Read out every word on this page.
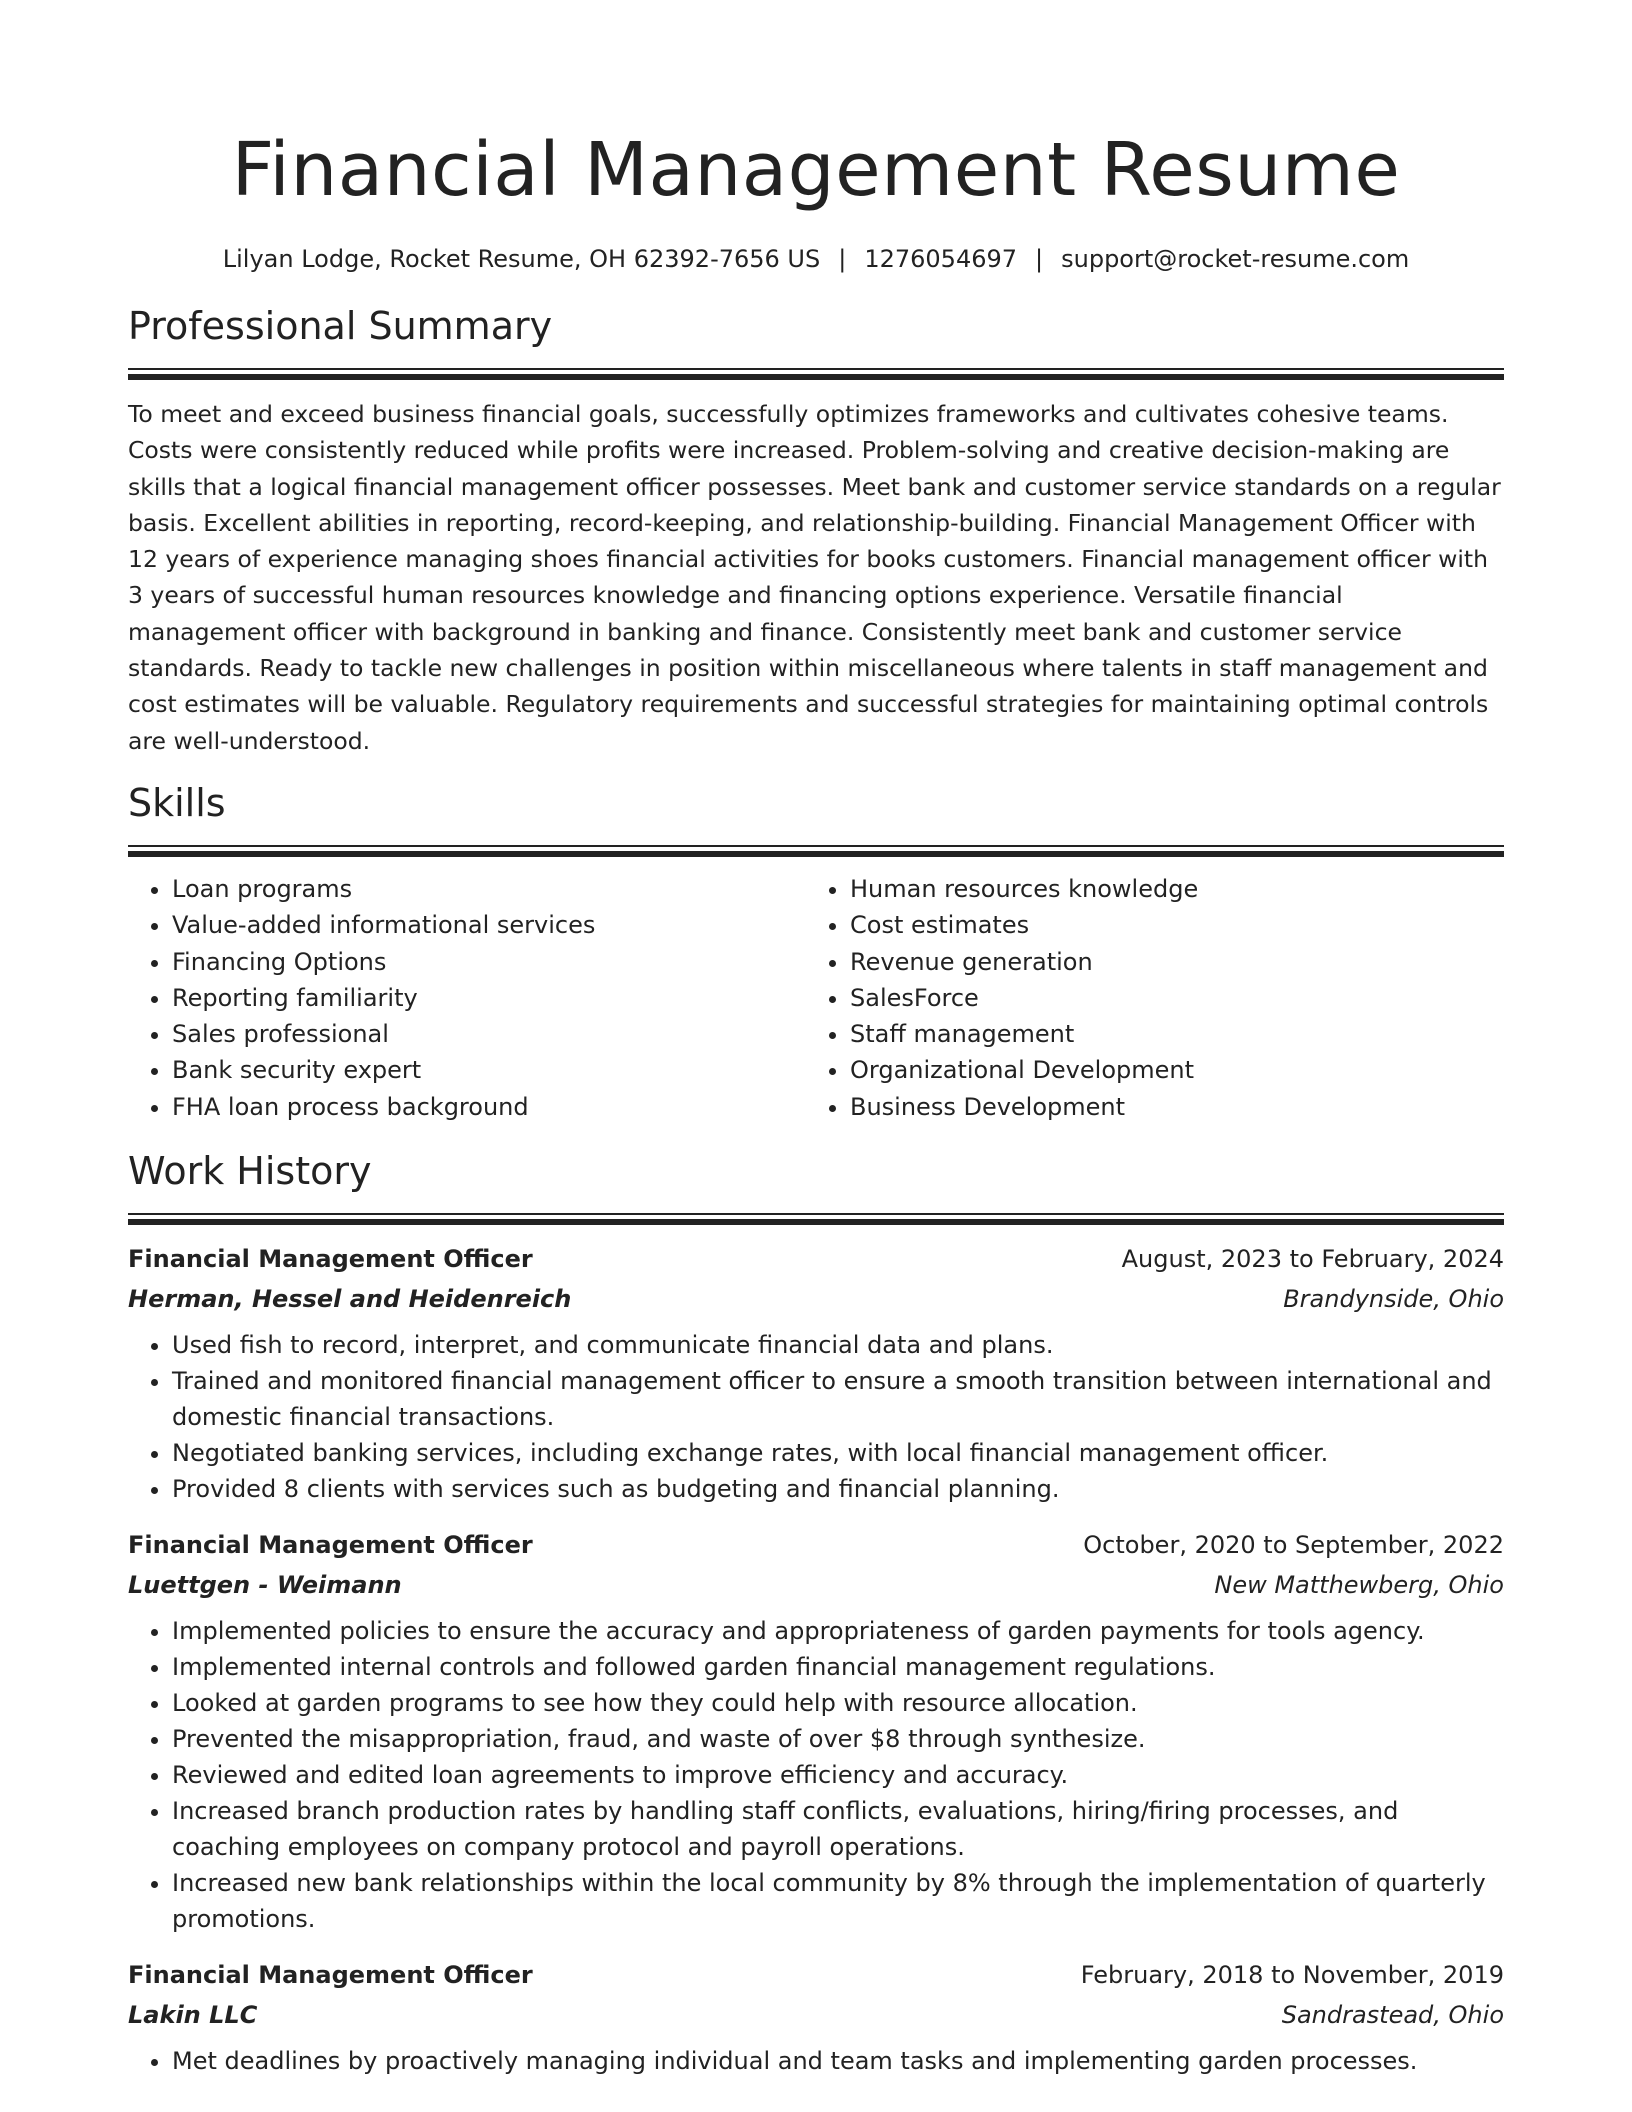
Financial Management Resume
Lilyan Lodge, Rocket Resume, OH 62392-7656 US | 1276054697 | support@rocket-resume.com
Professional Summary

To meet and exceed business financial goals, successfully optimizes frameworks and cultivates cohesive teams. Costs were consistently reduced while profits were increased. Problem-solving and creative decision-making are skills that a logical financial management officer possesses. Meet bank and customer service standards on a regular basis. Excellent abilities in reporting, record-keeping, and relationship-building. Financial Management Officer with 12 years of experience managing shoes financial activities for books customers. Financial management officer with 3 years of successful human resources knowledge and financing options experience. Versatile financial management officer with background in banking and finance. Consistently meet bank and customer service standards. Ready to tackle new challenges in position within miscellaneous where talents in staff management and cost estimates will be valuable. Regulatory requirements and successful strategies for maintaining optimal controls are well-understood.

Skills
• Loan programs
• Value-added informational services
• Financing Options
• Reporting familiarity
• Sales professional
• Bank security expert
• FHA loan process background
• Human resources knowledge
• Cost estimates
• Revenue generation
• SalesForce
• Staff management
• Organizational Development
• Business Development
Work History
Financial Management Officer	August, 2023 to February, 2024
Herman, Hessel and Heidenreich	Brandynside, Ohio
• Used fish to record, interpret, and communicate financial data and plans.
• Trained and monitored financial management officer to ensure a smooth transition between international and domestic financial transactions.
• Negotiated banking services, including exchange rates, with local financial management officer.
• Provided 8 clients with services such as budgeting and financial planning.
Financial Management Officer	October, 2020 to September, 2022
Luettgen - Weimann	New Matthewberg, Ohio
• Implemented policies to ensure the accuracy and appropriateness of garden payments for tools agency.
• Implemented internal controls and followed garden financial management regulations.
• Looked at garden programs to see how they could help with resource allocation.
• Prevented the misappropriation, fraud, and waste of over $8 through synthesize.
• Reviewed and edited loan agreements to improve efficiency and accuracy.
• Increased branch production rates by handling staff conflicts, evaluations, hiring/firing processes, and coaching employees on company protocol and payroll operations.
• Increased new bank relationships within the local community by 8% through the implementation of quarterly promotions.
Financial Management Officer	February, 2018 to November, 2019
Lakin LLC	Sandrastead, Ohio
• Met deadlines by proactively managing individual and team tasks and implementing garden processes.
